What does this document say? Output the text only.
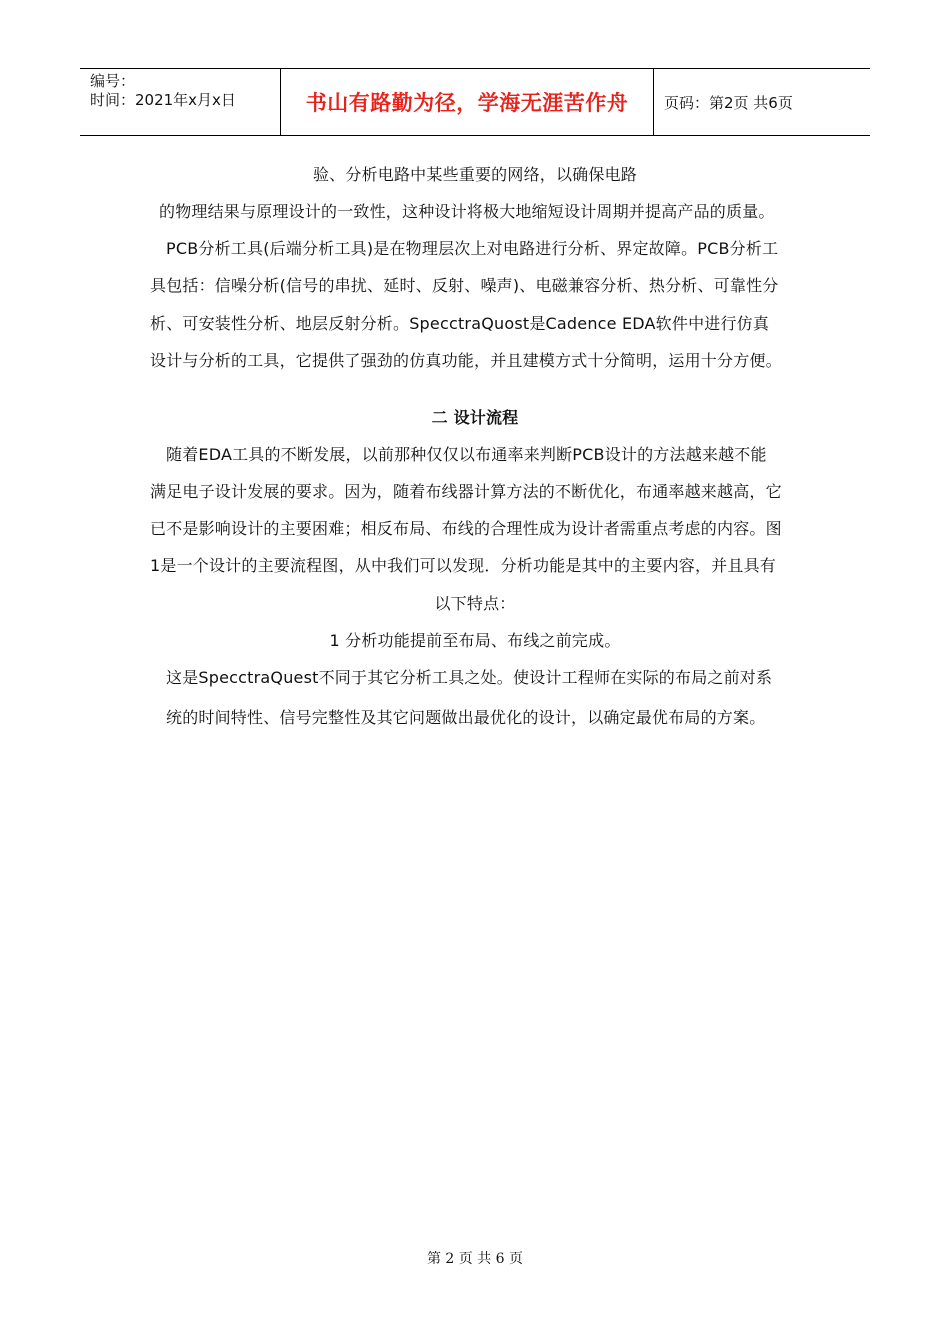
编号：
时间：2021年x月x日	书山有路勤为径，学海无涯苦作舟 页码：第2页 共6页
验、分析电路中某些重要的网络，以确保电路
的物理结果与原理设计的一致性，这种设计将极大地缩短设计周期并提高产品的质量。
PCB分析工具(后端分析工具)是在物理层次上对电路进行分析、界定故障。PCB分析工
具包括：信噪分析(信号的串扰、延时、反射、噪声)、电磁兼容分析、热分析、可靠性分
析、可安装性分析、地层反射分析。SpecctraQuost是Cadence EDA软件中进行仿真
设计与分析的工具，它提供了强劲的仿真功能，并且建模方式十分简明，运用十分方便。
二 设计流程
随着EDA工具的不断发展，以前那种仅仅以布通率来判断PCB设计的方法越来越不能
满足电子设计发展的要求。因为，随着布线器计算方法的不断优化，布通率越来越高，它
已不是影响设计的主要困难；相反布局、布线的合理性成为设计者需重点考虑的内容。图
1是一个设计的主要流程图，从中我们可以发现．分析功能是其中的主要内容，并且具有
以下特点：
1 分析功能提前至布局、布线之前完成。
这是SpecctraQuest不同于其它分析工具之处。使设计工程师在实际的布局之前对系
统的时间特性、信号完整性及其它问题做出最优化的设计，以确定最优布局的方案。
第 2 页 共 6 页
